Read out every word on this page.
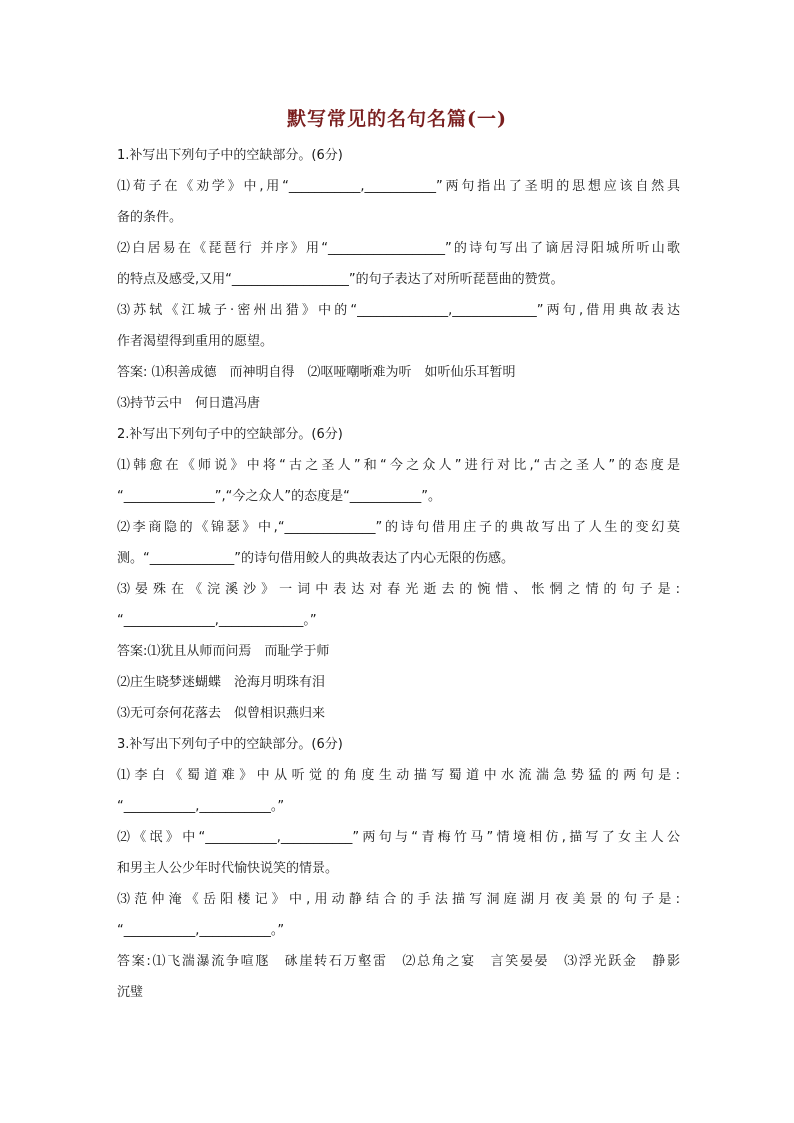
默写常见的名句名篇(一)
1.补写出下列句子中的空缺部分。(6分)
⑴荀子在《劝学》中,用“___________,___________”两句指出了圣明的思想应该自然具
备的条件。
⑵白居易在《琵琶行 并序》用“__________________”的诗句写出了谪居浔阳城所听山歌
的特点及感受,又用“__________________”的句子表达了对所听琵琶曲的赞赏。
⑶苏轼《江城子·密州出猎》中的“______________,_____________”两句,借用典故表达
作者渴望得到重用的愿望。
答案: ⑴积善成德　而神明自得　⑵呕哑嘲哳难为听　如听仙乐耳暂明
⑶持节云中　何日遣冯唐
2.补写出下列句子中的空缺部分。(6分)
⑴韩愈在《师说》中将“古之圣人”和“今之众人”进行对比,“古之圣人”的态度是
“______________”,“今之众人”的态度是“___________”。
⑵李商隐的《锦瑟》中,“______________”的诗句借用庄子的典故写出了人生的变幻莫
测。“_____________”的诗句借用鲛人的典故表达了内心无限的伤感。
⑶晏殊在《浣溪沙》一词中表达对春光逝去的惋惜、怅惘之情的句子是:
“______________,_____________。”
答案:⑴犹且从师而问焉　而耻学于师
⑵庄生晓梦迷蝴蝶　沧海月明珠有泪
⑶无可奈何花落去　似曾相识燕归来
3.补写出下列句子中的空缺部分。(6分)
⑴李白《蜀道难》中从听觉的角度生动描写蜀道中水流湍急势猛的两句是:
“___________,___________。”
⑵《氓》中“___________,___________”两句与“青梅竹马”情境相仿,描写了女主人公
和男主人公少年时代愉快说笑的情景。
⑶范仲淹《岳阳楼记》中,用动静结合的手法描写洞庭湖月夜美景的句子是:
“___________,___________。”
答案:⑴飞湍瀑流争喧豗　砯崖转石万壑雷　⑵总角之宴　言笑晏晏　⑶浮光跃金　静影
沉璧
